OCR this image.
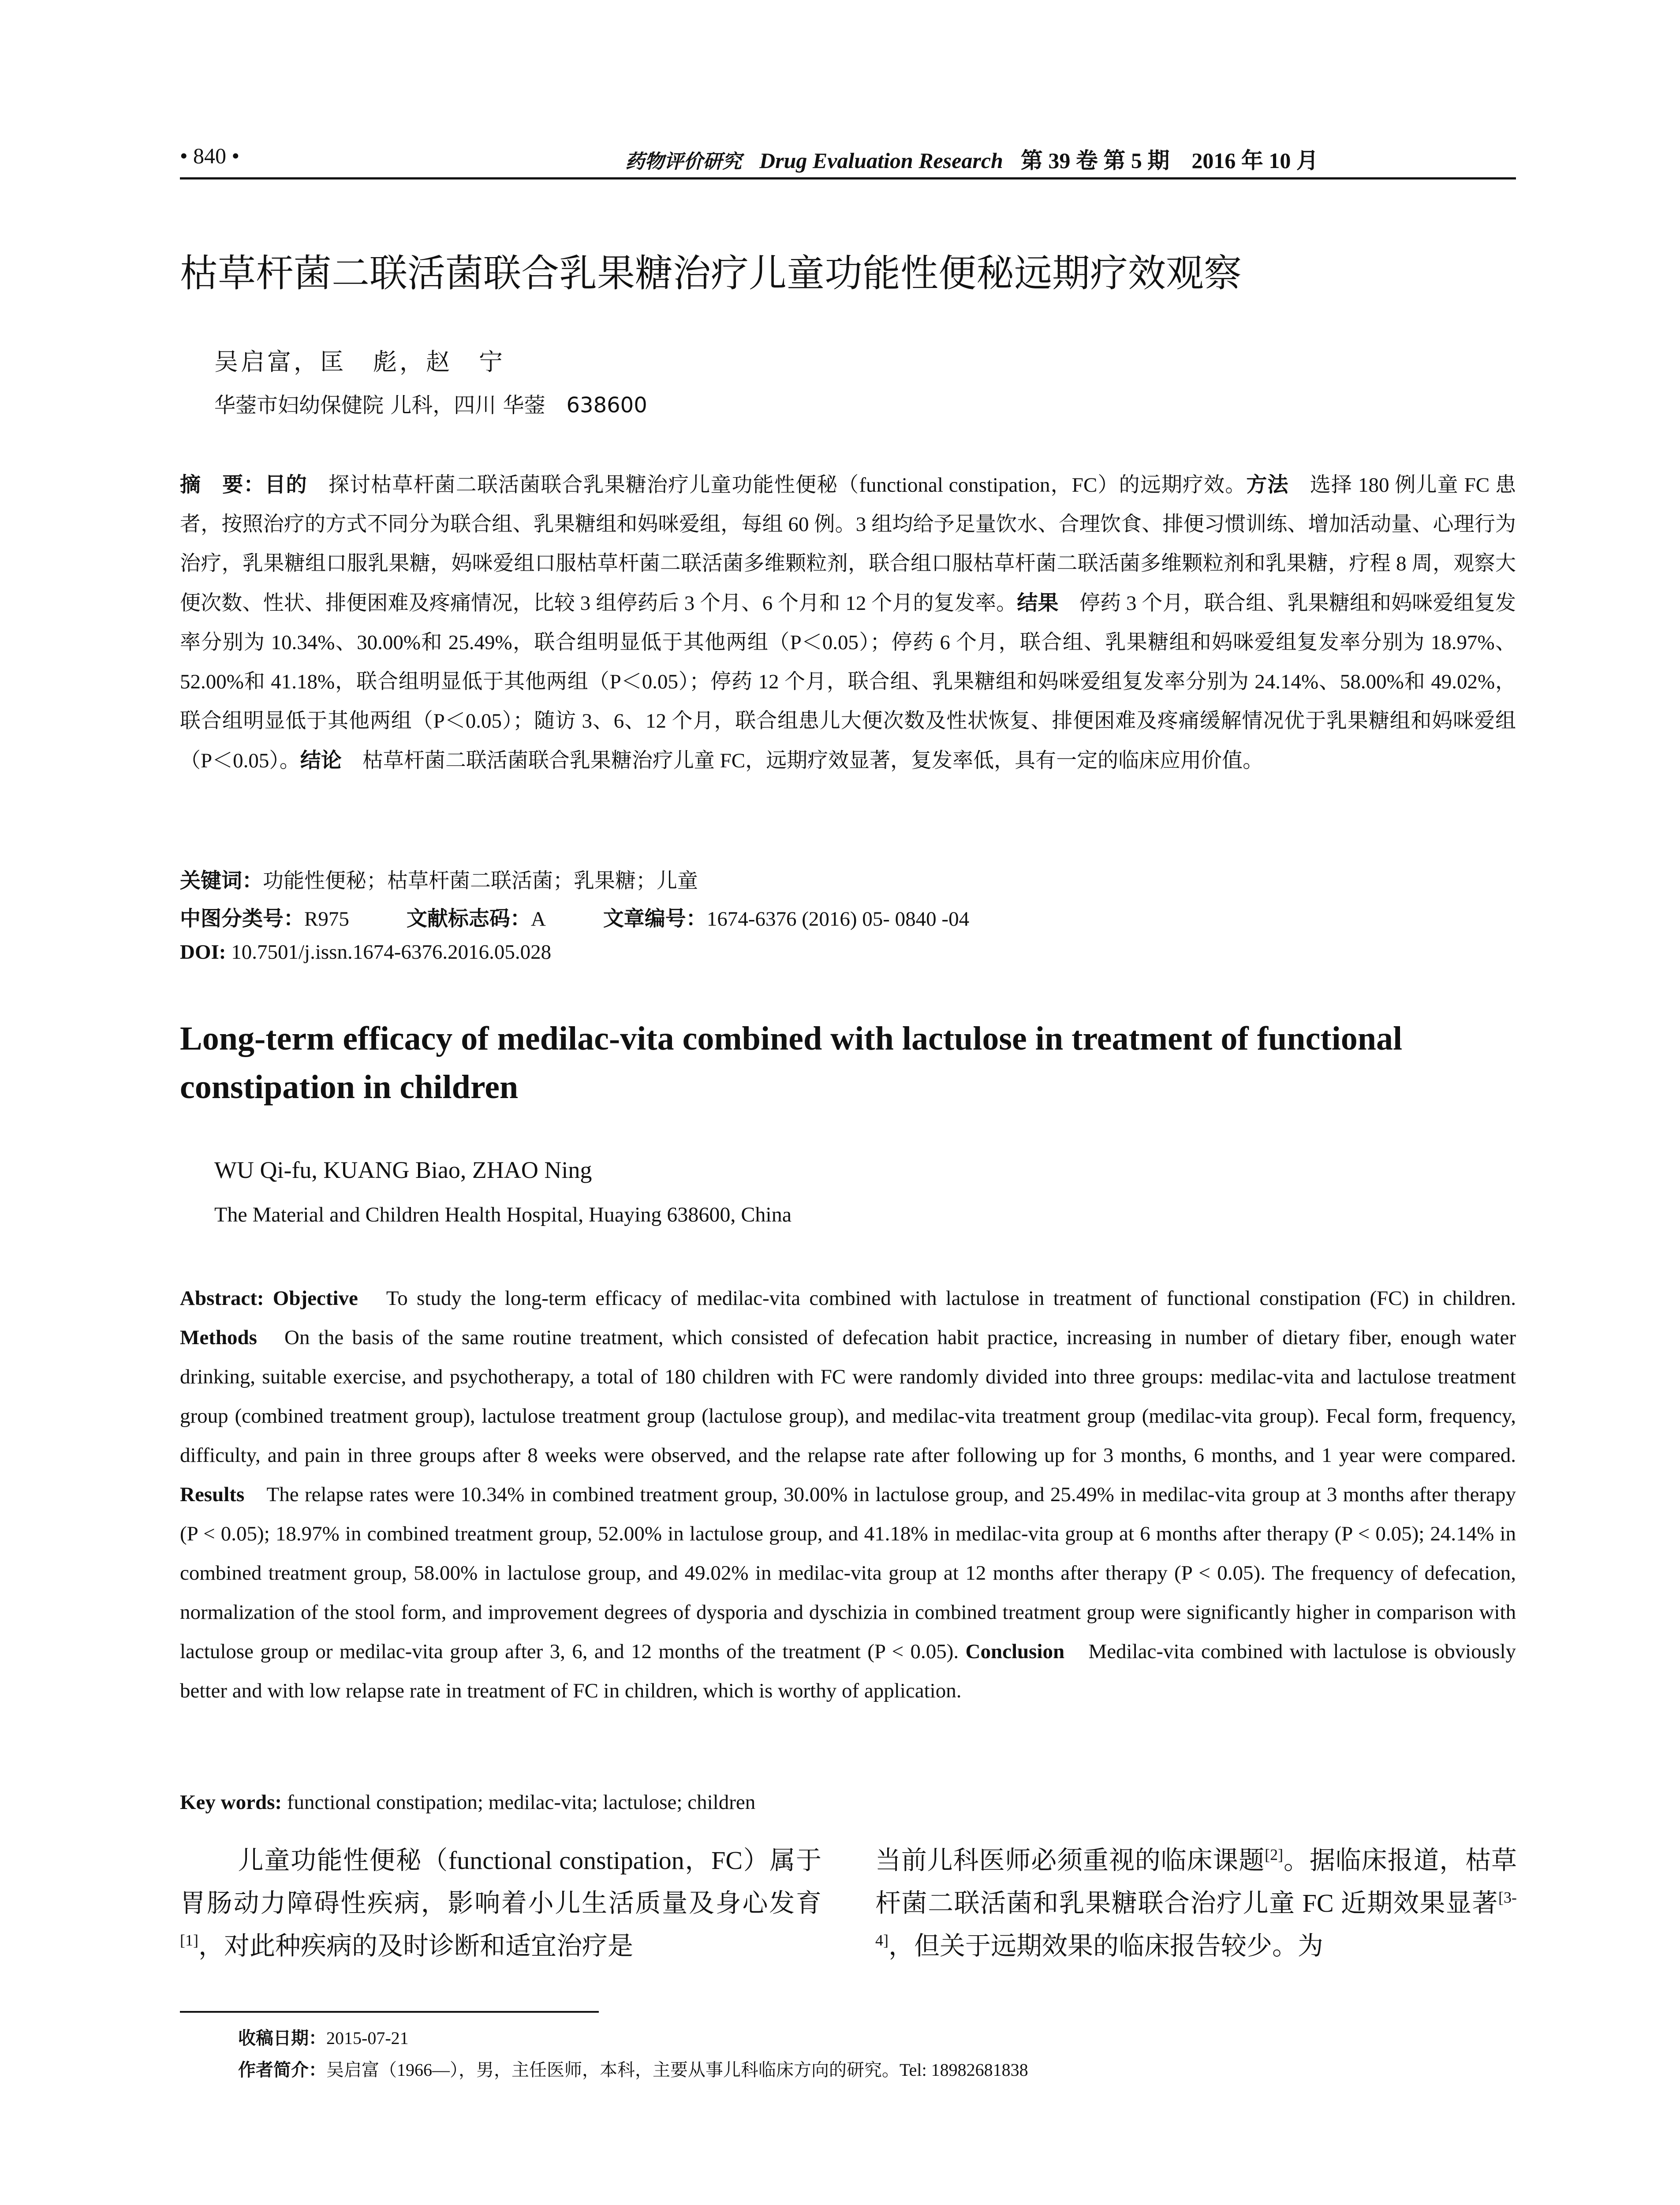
• 840 •	药物评价研究 Drug Evaluation Research 第 39 卷 第 5 期　2016 年 10 月
枯草杆菌二联活菌联合乳果糖治疗儿童功能性便秘远期疗效观察
吴启富，匡　彪，赵　宁
华蓥市妇幼保健院 儿科，四川 华蓥　638600
摘　要：目的　探讨枯草杆菌二联活菌联合乳果糖治疗儿童功能性便秘（functional constipation，FC）的远期疗效。方法　选择 180 例儿童 FC 患者，按照治疗的方式不同分为联合组、乳果糖组和妈咪爱组，每组 60 例。3 组均给予足量饮水、合理饮食、排便习惯训练、增加活动量、心理行为治疗，乳果糖组口服乳果糖，妈咪爱组口服枯草杆菌二联活菌多维颗粒剂，联合组口服枯草杆菌二联活菌多维颗粒剂和乳果糖，疗程 8 周，观察大便次数、性状、排便困难及疼痛情况，比较 3 组停药后 3 个月、6 个月和 12 个月的复发率。结果　停药 3 个月，联合组、乳果糖组和妈咪爱组复发率分别为 10.34%、30.00%和 25.49%，联合组明显低于其他两组（P＜0.05）；停药 6 个月，联合组、乳果糖组和妈咪爱组复发率分别为 18.97%、52.00%和 41.18%，联合组明显低于其他两组（P＜0.05）；停药 12 个月，联合组、乳果糖组和妈咪爱组复发率分别为 24.14%、58.00%和 49.02%，联合组明显低于其他两组（P＜0.05）；随访 3、6、12 个月，联合组患儿大便次数及性状恢复、排便困难及疼痛缓解情况优于乳果糖组和妈咪爱组（P＜0.05）。结论　枯草杆菌二联活菌联合乳果糖治疗儿童 FC，远期疗效显著，复发率低，具有一定的临床应用价值。
关键词：功能性便秘；枯草杆菌二联活菌；乳果糖；儿童
中图分类号：R975	文献标志码：A	文章编号：1674-6376 (2016) 05- 0840 -04
DOI: 10.7501/j.issn.1674-6376.2016.05.028
Long-term efficacy of medilac-vita combined with lactulose in treatment of functional constipation in children
WU Qi-fu, KUANG Biao, ZHAO Ning
The Material and Children Health Hospital, Huaying 638600, China
Abstract: Objective　To study the long-term efficacy of medilac-vita combined with lactulose in treatment of functional constipation (FC) in children. Methods　On the basis of the same routine treatment, which consisted of defecation habit practice, increasing in number of dietary fiber, enough water drinking, suitable exercise, and psychotherapy, a total of 180 children with FC were randomly divided into three groups: medilac-vita and lactulose treatment group (combined treatment group), lactulose treatment group (lactulose group), and medilac-vita treatment group (medilac-vita group). Fecal form, frequency, difficulty, and pain in three groups after 8 weeks were observed, and the relapse rate after following up for 3 months, 6 months, and 1 year were compared. Results　The relapse rates were 10.34% in combined treatment group, 30.00% in lactulose group, and 25.49% in medilac-vita group at 3 months after therapy (P < 0.05); 18.97% in combined treatment group, 52.00% in lactulose group, and 41.18% in medilac-vita group at 6 months after therapy (P < 0.05); 24.14% in combined treatment group, 58.00% in lactulose group, and 49.02% in medilac-vita group at 12 months after therapy (P < 0.05). The frequency of defecation, normalization of the stool form, and improvement degrees of dysporia and dyschizia in combined treatment group were significantly higher in comparison with lactulose group or medilac-vita group after 3, 6, and 12 months of the treatment (P < 0.05). Conclusion　Medilac-vita combined with lactulose is obviously better and with low relapse rate in treatment of FC in children, which is worthy of application.
Key words: functional constipation; medilac-vita; lactulose; children
儿童功能性便秘（functional constipation，FC）属于胃肠动力障碍性疾病，影响着小儿生活质量及身心发育[1]，对此种疾病的及时诊断和适宜治疗是
当前儿科医师必须重视的临床课题[2]。据临床报道，枯草杆菌二联活菌和乳果糖联合治疗儿童 FC 近期效果显著[3-4]，但关于远期效果的临床报告较少。为
收稿日期：2015-07-21
作者简介：吴启富（1966—），男，主任医师，本科，主要从事儿科临床方向的研究。Tel: 18982681838
